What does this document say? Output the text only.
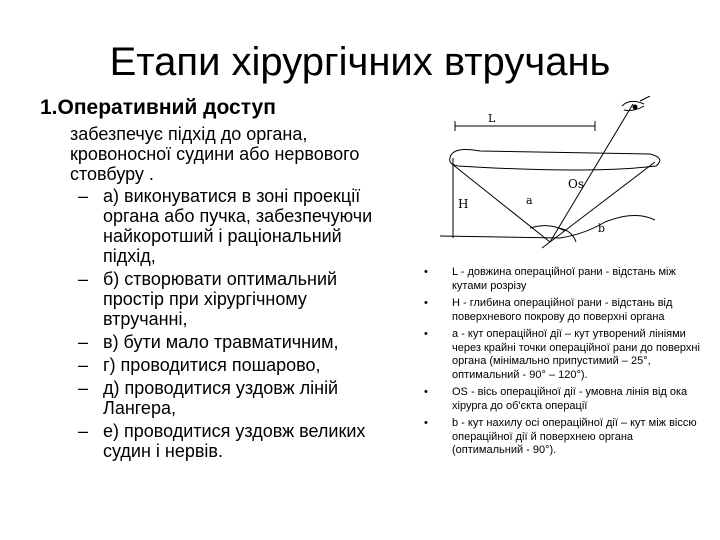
Етапи хірургічних втручань
1.Оперативний доступ
забезпечує підхід до органа, кровоносної судини або нервового стовбуру .
– а) виконуватися в зоні проекції органа або пучка, забезпечуючи найкоротший і раціональний підхід,
– б) створювати оптимальний простір при хірургічному втручанні,
– в) бути мало травматичним,
– г) проводитися пошарово,
– д) проводитися уздовж ліній Лангера,
– е) проводитися уздовж великих судин і нервів.
L
H
Os
a
b
• L - довжина операційної рани - відстань між кутами розрізу
• H - глибина операційної рани - відстань від поверхневого покрову до поверхні органа
• a - кут операційної дії – кут утворений лініями через крайні точки операційної рани до поверхні органа (мінімально припустимий – 25°, оптимальний - 90° – 120°).
• OS - вісь операційної дії - умовна лінія від ока хірурга до об'єкта операції
• b - кут нахилу осі операційної дії – кут між віссю операційної дії й поверхнею органа (оптимальний - 90°).
